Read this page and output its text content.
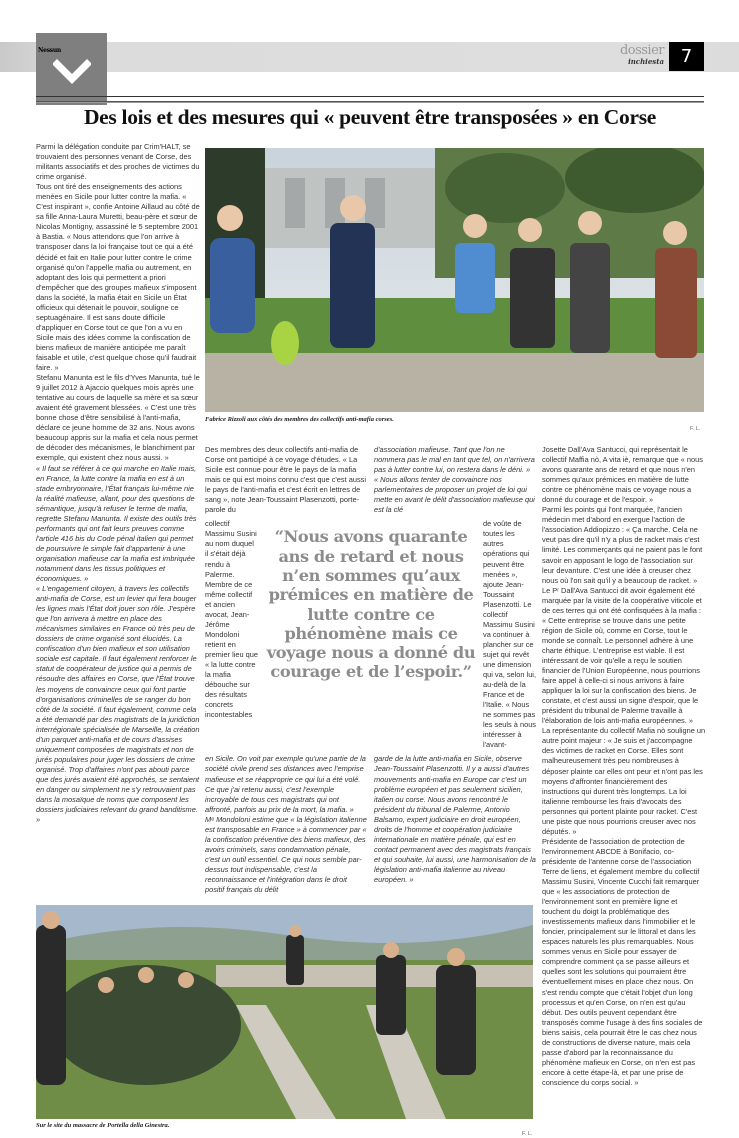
Nessun	dossier
inchiesta 7
Des lois et des mesures qui « peuvent être transposées » en Corse

Parmi la délégation conduite par Crim'HALT, se trouvaient des personnes venant de Corse, des militants associatifs et des proches de victimes du crime organisé.

Tous ont tiré des enseignements des actions menées en Sicile pour lutter contre la mafia. « C'est inspirant », confie Antoine Aillaud au côté de sa fille Anna-Laura Muretti, beau-père et sœur de Nicolas Montigny, assassiné le 5 septembre 2001 à Bastia. « Nous attendons que l'on arrive à transposer dans la loi française tout ce qui a été décidé et fait en Italie pour lutter contre le crime organisé qu'on l'appelle mafia ou autrement, en adoptant des lois qui permettent a priori d'empêcher que des groupes mafieux s'imposent dans la société, la mafia était en Sicile un État officieux qui détenait le pouvoir, souligne ce septuagénaire. Il est sans doute difficile d'appliquer en Corse tout ce que l'on a vu en Sicile mais des idées comme la confiscation de biens mafieux de manière anticipée me paraît faisable et utile, c'est quelque chose qu'il faudrait faire. »

Stefanu Manunta est le fils d'Yves Manunta, tué le 9 juillet 2012 à Ajaccio quelques mois après une tentative au cours de laquelle sa mère et sa sœur avaient été gravement blessées. « C'est une très bonne chose d'être sensibilisé à l'anti-mafia, déclare ce jeune homme de 32 ans. Nous avons beaucoup appris sur la mafia et cela nous permet de décoder des mécanismes, le blanchiment par exemple, qui existent chez nous aussi. »

« Il faut se référer à ce qui marche en Italie mais, en France, la lutte contre la mafia en est à un stade embryonnaire, l'État français lui-même nie la réalité mafieuse, allant, pour des questions de sémantique, jusqu'à refuser le terme de mafia, regrette Stefanu Manunta. Il existe des outils très performants qui ont fait leurs preuves comme l'article 416 bis du Code pénal italien qui permet de poursuivre le simple fait d'appartenir à une organisation mafieuse car la mafia est imbriquée notamment dans les tissus politiques et économiques. »

« L'engagement citoyen, à travers les collectifs anti-mafia de Corse, est un levier qui fera bouger les lignes mais l'État doit jouer son rôle. J'espère que l'on arrivera à mettre en place des mécanismes similaires en France où très peu de dossiers de crime organisé sont élucidés. La confiscation d'un bien mafieux et son utilisation sociale est capitale. Il faut également renforcer le statut de coopérateur de justice qui a permis de résoudre des affaires en Corse, que l'État trouve les moyens de convaincre ceux qui font partie d'organisations criminelles de se ranger du bon côté de la société. Il faut également, comme cela a été demandé par des magistrats de la juridiction interrégionale spécialisée de Marseille, la création d'un parquet anti-mafia et de cours d'assises uniquement composées de magistrats et non de jurés populaires pour juger les dossiers de crime organisé. Trop d'affaires n'ont pas abouti parce que des jurés avaient été approchés, se sentaient en danger ou simplement ne s'y retrouvaient pas dans la mosaïque de noms que composent les dossiers judiciaires relevant du grand banditisme. »

Fabrice Rizzoli aux côtés des membres des collectifs anti-mafia corses.
F. L.

Des membres des deux collectifs anti-mafia de Corse ont participé à ce voyage d'études. « La Sicile est connue pour être le pays de la mafia mais ce qui est moins connu c'est que c'est aussi le pays de l'anti-mafia et c'est écrit en lettres de sang », note Jean-Toussaint Plasenzotti, porte-parole du

d'association mafieuse. Tant que l'on ne nommera pas le mal en tant que tel, on n'arrivera pas à lutter contre lui, on restera dans le déni. » « Nous allons tenter de convaincre nos parlementaires de proposer un projet de loi qui mette en avant le délit d'association mafieuse qui est la clé

collectif Massimu Susini au nom duquel il s'était déjà rendu à Palerme. Membre de ce même collectif et ancien avocat, Jean-Jérôme Mondoloni retient en premier lieu que « la lutte contre la mafia débouche sur des résultats concrets incontestables

“Nous avons quarante ans de retard et nous n’en sommes qu’aux prémices en matière de lutte contre ce phénomène mais ce voyage nous a donné du courage et de l’espoir.”

de voûte de toutes les autres opérations qui peuvent être menées », ajoute Jean-Toussaint Plasenzotti. Le collectif Massimu Susini va continuer à plancher sur ce sujet qui revêt une dimension qui va, selon lui, au-delà de la France et de l'Italie. « Nous ne sommes pas les seuls à nous intéresser à l'avant-

en Sicile. On voit par exemple qu'une partie de la société civile prend ses distances avec l'emprise mafieuse et se réapproprie ce qui lui a été volé. Ce que j'ai retenu aussi, c'est l'exemple incroyable de tous ces magistrats qui ont affronté, parfois au prix de la mort, la mafia. »

Mᵉ Mondoloni estime que « la législation italienne est transposable en France » à commencer par « la confiscation préventive des biens mafieux, des avoirs criminels, sans condamnation pénale, c'est un outil essentiel. Ce qui nous semble par-dessus tout indispensable, c'est la reconnaissance et l'intégration dans le droit positif français du délit

garde de la lutte anti-mafia en Sicile, observe Jean-Toussaint Plasenzotti. Il y a aussi d'autres mouvements anti-mafia en Europe car c'est un problème européen et pas seulement sicilien, italien ou corse. Nous avons rencontré le président du tribunal de Palerme, Antonio Balsamo, expert judiciaire en droit européen, droits de l'homme et coopération judiciaire internationale en matière pénale, qui est en contact permanent avec des magistrats français et qui souhaite, lui aussi, une harmonisation de la législation anti-mafia italienne au niveau européen. »

Josette Dall'Ava Santucci, qui représentait le collectif Maffia nò, A vita iè, remarque que « nous avons quarante ans de retard et que nous n'en sommes qu'aux prémices en matière de lutte contre ce phénomène mais ce voyage nous a donné du courage et de l'espoir. »

Parmi les points qui l'ont marquée, l'ancien médecin met d'abord en exergue l'action de l'association Addiopizzo : « Ça marche. Cela ne veut pas dire qu'il n'y a plus de racket mais c'est limité. Les commerçants qui ne paient pas le font savoir en apposant le logo de l'association sur leur devanture. C'est une idée à creuser chez nous où l'on sait qu'il y a beaucoup de racket. »

Le Pʳ Dall'Ava Santucci dit avoir également été marquée par la visite de la coopérative viticole et de ces terres qui ont été confisquées à la mafia : « Cette entreprise se trouve dans une petite région de Sicile où, comme en Corse, tout le monde se connaît. Le personnel adhère à une charte éthique. L'entreprise est viable. Il est intéressant de voir qu'elle a reçu le soutien financier de l'Union Européenne, nous pourrions faire appel à celle-ci si nous arrivons à faire appliquer la loi sur la confiscation des biens. Je constate, et c'est aussi un signe d'espoir, que le président du tribunal de Palerme travaille à l'élaboration de lois anti-mafia européennes. »

La représentante du collectif Mafia nò souligne un autre point majeur : « Je suis et j'accompagne des victimes de racket en Corse. Elles sont malheureusement très peu nombreuses à déposer plainte car elles ont peur et n'ont pas les moyens d'affronter financièrement des instructions qui durent très longtemps. La loi italienne rembourse les frais d'avocats des personnes qui portent plainte pour racket. C'est une piste que nous pourrions creuser avec nos députés. »

Présidente de l'association de protection de l'environnement ABCDE à Bonifacio, co-présidente de l'antenne corse de l'association Terre de liens, et également membre du collectif Massimu Susini, Vincente Cucchi fait remarquer que « les associations de protection de l'environnement sont en première ligne et touchent du doigt la problématique des investissements mafieux dans l'immobilier et le foncier, principalement sur le littoral et dans les espaces naturels les plus remarquables. Nous sommes venus en Sicile pour essayer de comprendre comment ça se passe ailleurs et quelles sont les solutions qui pourraient être éventuellement mises en place chez nous. On s'est rendu compte que c'était l'objet d'un long processus et qu'en Corse, on n'en est qu'au début. Des outils peuvent cependant être transposés comme l'usage à des fins sociales de biens saisis, cela pourrait être le cas chez nous de constructions de diverse nature, mais cela passe d'abord par la reconnaissance du phénomène mafieux en Corse, on n'en est pas encore à cette étape-là, et par une prise de conscience du corps social. »

Sur le site du massacre de Portella della Ginestra.
F. L.
